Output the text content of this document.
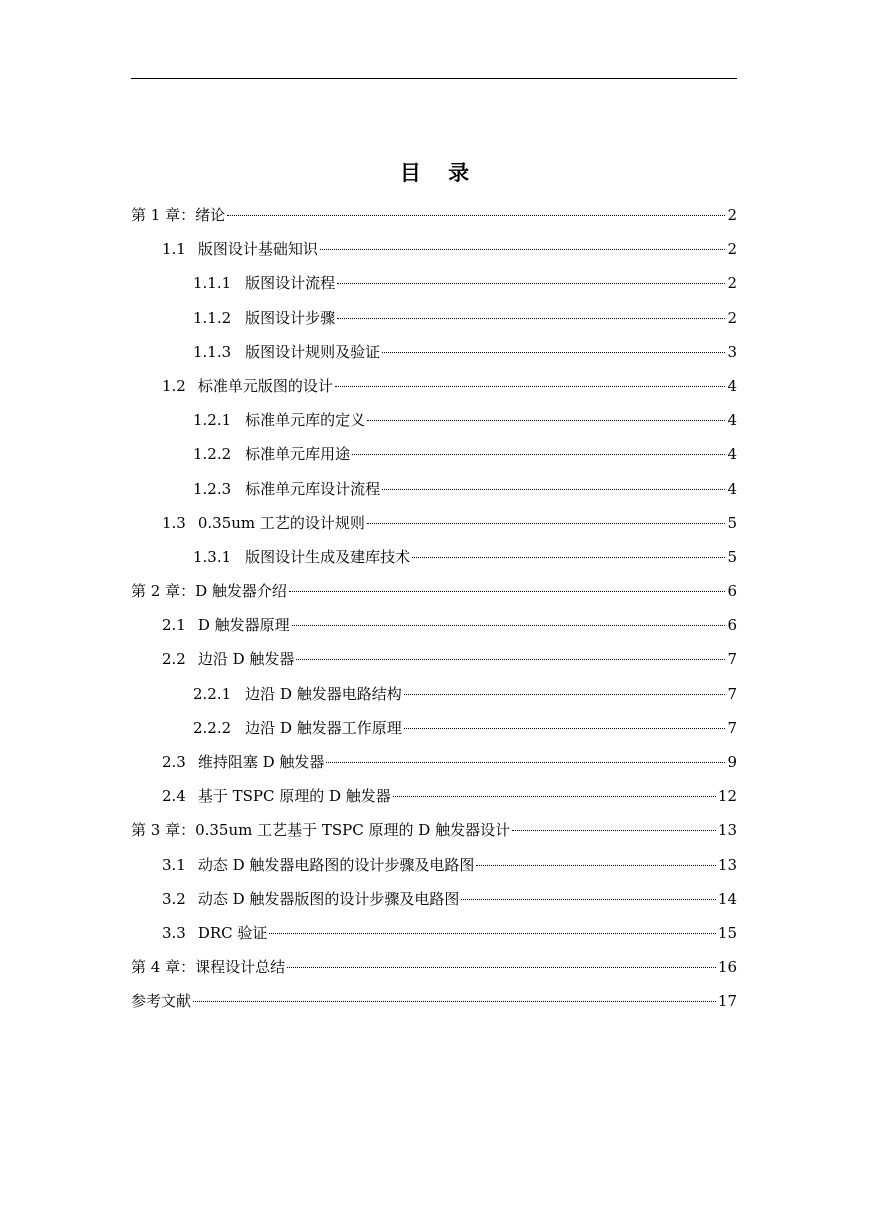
目 录
第 1 章：绪论	2
1.1 版图设计基础知识	2
1.1.1 版图设计流程	2
1.1.2 版图设计步骤	2
1.1.3 版图设计规则及验证	3
1.2 标准单元版图的设计	4
1.2.1 标准单元库的定义	4
1.2.2 标准单元库用途	4
1.2.3 标准单元库设计流程	4
1.3 0.35um 工艺的设计规则	5
1.3.1 版图设计生成及建库技术	5
第 2 章：D 触发器介绍	6
2.1 D 触发器原理	6
2.2 边沿 D 触发器	7
2.2.1 边沿 D 触发器电路结构	7
2.2.2 边沿 D 触发器工作原理	7
2.3 维持阻塞 D 触发器	9
2.4 基于 TSPC 原理的 D 触发器	12
第 3 章：0.35um 工艺基于 TSPC 原理的 D 触发器设计	13
3.1 动态 D 触发器电路图的设计步骤及电路图	13
3.2 动态 D 触发器版图的设计步骤及电路图	14
3.3 DRC 验证	15
第 4 章：课程设计总结	16
参考文献	17
